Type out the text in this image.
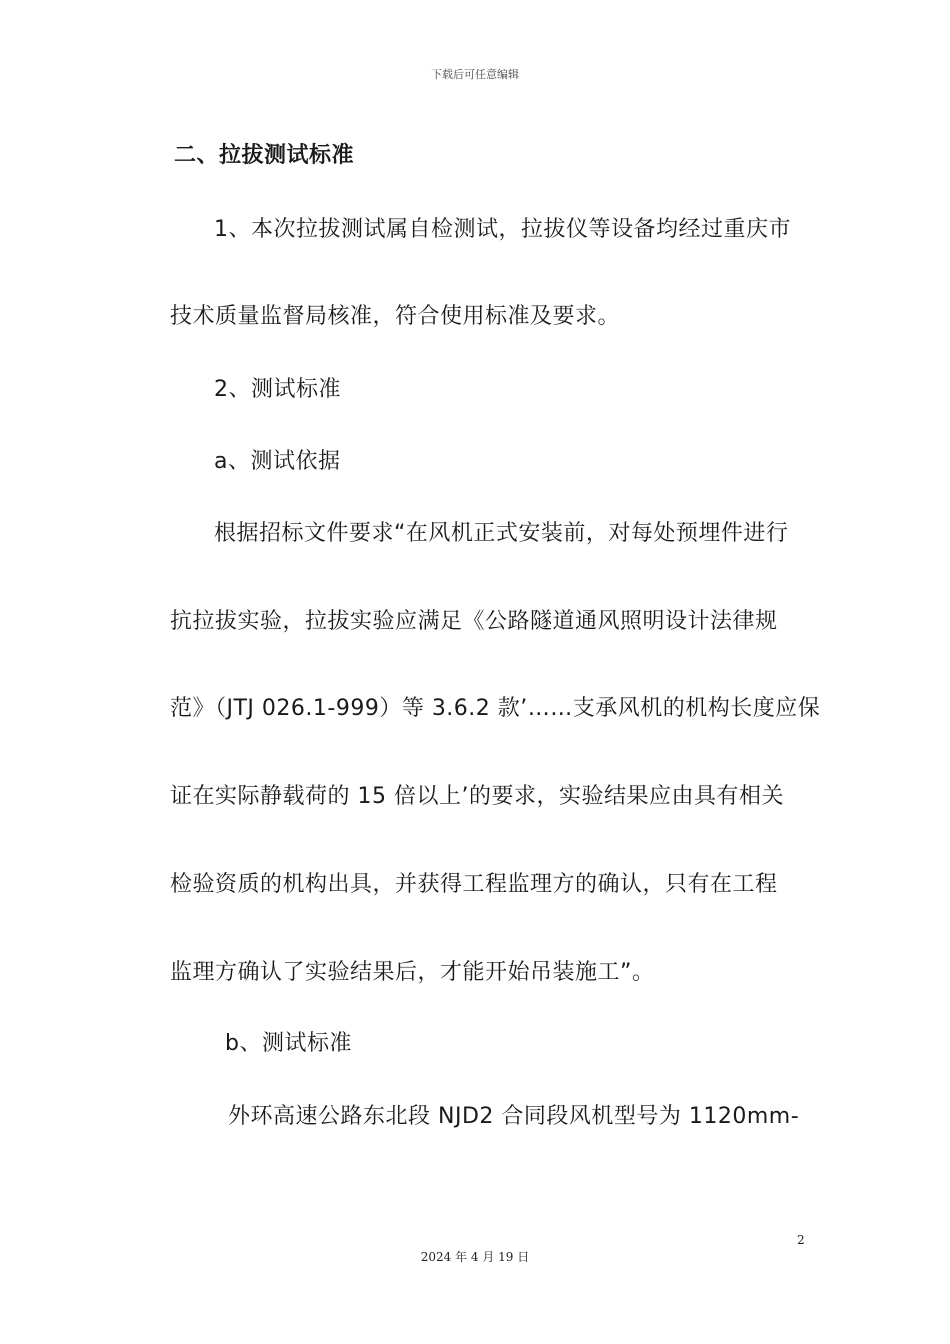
下载后可任意编辑
二、拉拔测试标准
1、本次拉拔测试属自检测试，拉拔仪等设备均经过重庆市
技术质量监督局核准，符合使用标准及要求。
2、测试标准
a、测试依据
根据招标文件要求“在风机正式安装前，对每处预埋件进行
抗拉拔实验，拉拔实验应满足《公路隧道通风照明设计法律规
范》（JTJ 026.1-999）等 3.6.2 款’……支承风机的机构长度应保
证在实际静载荷的 15 倍以上’的要求，实验结果应由具有相关
检验资质的机构出具，并获得工程监理方的确认，只有在工程
监理方确认了实验结果后，才能开始吊装施工”。
b、测试标准
外环高速公路东北段 NJD2 合同段风机型号为 1120mm-
2
2024 年 4 月 19 日
